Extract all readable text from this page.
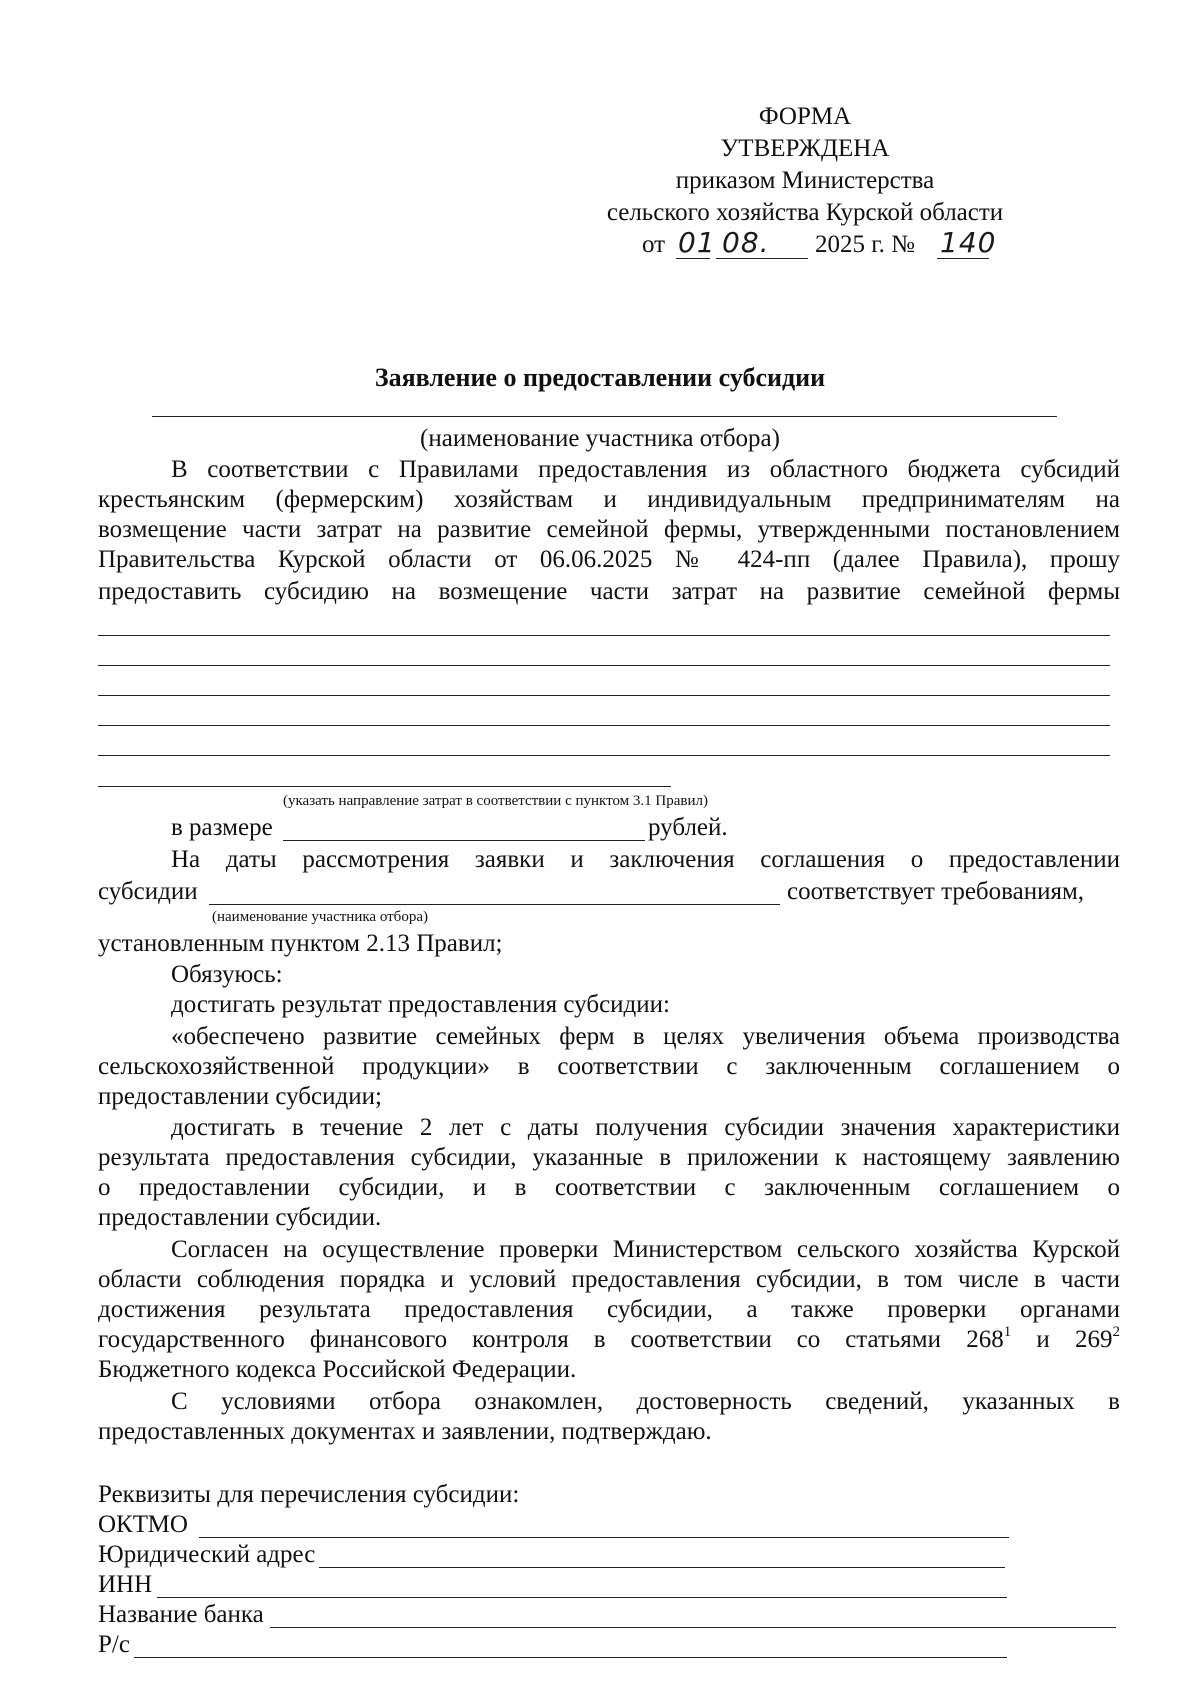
ФОРМА
УТВЕРЖДЕНА
приказом Министерства
сельского хозяйства Курской области
от 01 08. 2025 г. № 140
Заявление о предоставлении субсидии
(наименование участника отбора)
В соответствии с Правилами предоставления из областного бюджета субсидий
крестьянским (фермерским) хозяйствам и индивидуальным предпринимателям на
возмещение части затрат на развитие семейной фермы, утвержденными постановлением
Правительства Курской области от 06.06.2025 № 424-пп (далее Правила), прошу
предоставить субсидию на возмещение части затрат на развитие семейной фермы
(указать направление затрат в соответствии с пунктом 3.1 Правил)
в размере	рублей.
На даты рассмотрения заявки и заключения соглашения о предоставлении
субсидии	соответствует требованиям,
(наименование участника отбора)
установленным пунктом 2.13 Правил;
Обязуюсь:
достигать результат предоставления субсидии:
«обеспечено развитие семейных ферм в целях увеличения объема производства
сельскохозяйственной продукции» в соответствии с заключенным соглашением о
предоставлении субсидии;
достигать в течение 2 лет с даты получения субсидии значения характеристики
результата предоставления субсидии, указанные в приложении к настоящему заявлению
о предоставлении субсидии, и в соответствии с заключенным соглашением о
предоставлении субсидии.
Согласен на осуществление проверки Министерством сельского хозяйства Курской
области соблюдения порядка и условий предоставления субсидии, в том числе в части
достижения результата предоставления субсидии, а также проверки органами
государственного финансового контроля в соответствии со статьями $268^1$ и $269^2$
Бюджетного кодекса Российской Федерации.
С условиями отбора ознакомлен, достоверность сведений, указанных в
предоставленных документах и заявлении, подтверждаю.
Реквизиты для перечисления субсидии:
ОКТМО
Юридический адрес
ИНН
Название банка
Р/с
